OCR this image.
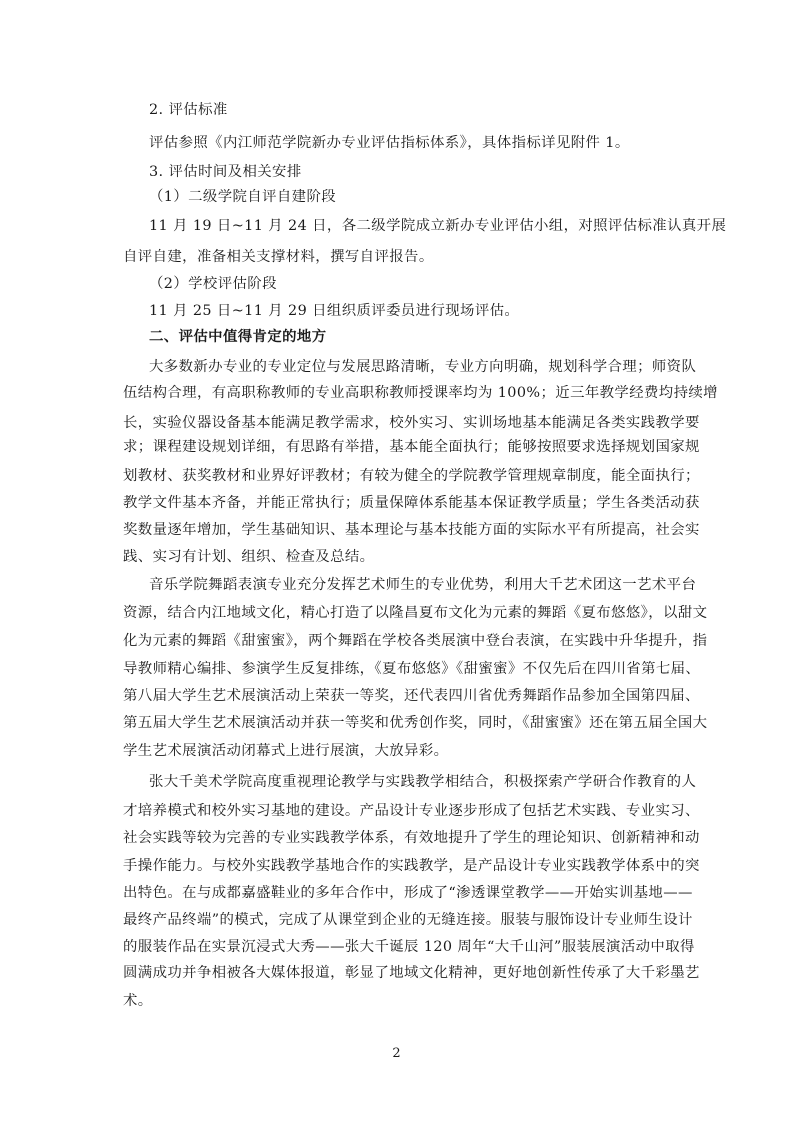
2. 评估标准
评估参照《内江师范学院新办专业评估指标体系》，具体指标详见附件 1。
3. 评估时间及相关安排
（1）二级学院自评自建阶段
11 月 19 日~11 月 24 日，各二级学院成立新办专业评估小组，对照评估标准认真开展
自评自建，准备相关支撑材料，撰写自评报告。
（2）学校评估阶段
11 月 25 日~11 月 29 日组织质评委员进行现场评估。
二、评估中值得肯定的地方
大多数新办专业的专业定位与发展思路清晰，专业方向明确，规划科学合理；师资队
伍结构合理，有高职称教师的专业高职称教师授课率均为 100%；近三年教学经费均持续增
长，实验仪器设备基本能满足教学需求，校外实习、实训场地基本能满足各类实践教学要
求；课程建设规划详细，有思路有举措，基本能全面执行；能够按照要求选择规划国家规
划教材、获奖教材和业界好评教材；有较为健全的学院教学管理规章制度，能全面执行；
教学文件基本齐备，并能正常执行；质量保障体系能基本保证教学质量；学生各类活动获
奖数量逐年增加，学生基础知识、基本理论与基本技能方面的实际水平有所提高，社会实
践、实习有计划、组织、检查及总结。
音乐学院舞蹈表演专业充分发挥艺术师生的专业优势，利用大千艺术团这一艺术平台
资源，结合内江地域文化，精心打造了以隆昌夏布文化为元素的舞蹈《夏布悠悠》，以甜文
化为元素的舞蹈《甜蜜蜜》，两个舞蹈在学校各类展演中登台表演，在实践中升华提升，指
导教师精心编排、参演学生反复排练，《夏布悠悠》《甜蜜蜜》不仅先后在四川省第七届、
第八届大学生艺术展演活动上荣获一等奖，还代表四川省优秀舞蹈作品参加全国第四届、
第五届大学生艺术展演活动并获一等奖和优秀创作奖，同时，《甜蜜蜜》还在第五届全国大
学生艺术展演活动闭幕式上进行展演，大放异彩。
张大千美术学院高度重视理论教学与实践教学相结合，积极探索产学研合作教育的人
才培养模式和校外实习基地的建设。产品设计专业逐步形成了包括艺术实践、专业实习、
社会实践等较为完善的专业实践教学体系，有效地提升了学生的理论知识、创新精神和动
手操作能力。与校外实践教学基地合作的实践教学，是产品设计专业实践教学体系中的突
出特色。在与成都嘉盛鞋业的多年合作中，形成了“渗透课堂教学——开始实训基地——
最终产品终端”的模式，完成了从课堂到企业的无缝连接。服装与服饰设计专业师生设计
的服装作品在实景沉浸式大秀——张大千诞辰 120 周年“大千山河”服装展演活动中取得
圆满成功并争相被各大媒体报道，彰显了地域文化精神，更好地创新性传承了大千彩墨艺
术。
2
